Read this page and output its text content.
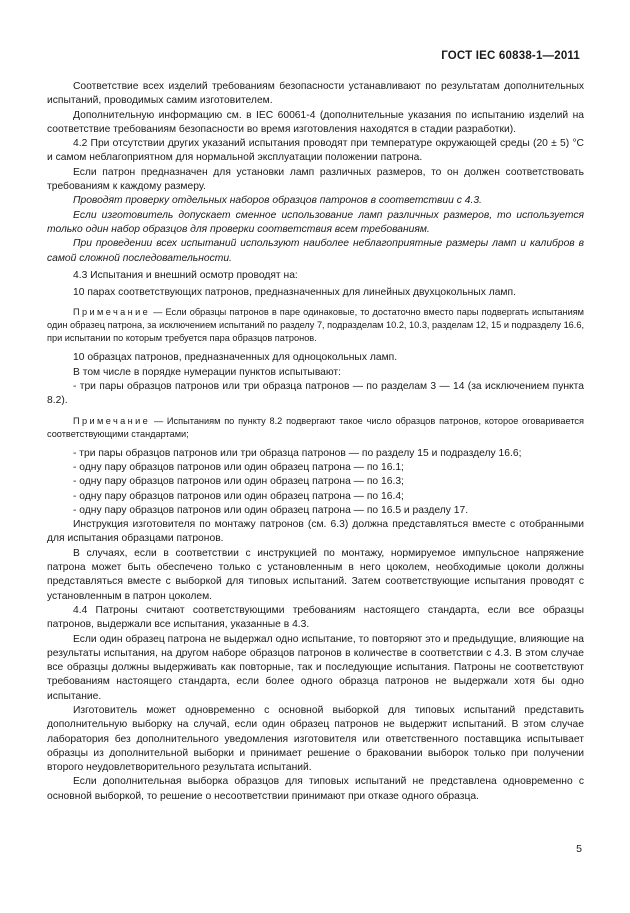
ГОСТ IEC 60838-1—2011

Соответствие всех изделий требованиям безопасности устанавливают по результатам дополнительных испытаний, проводимых самим изготовителем.

Дополнительную информацию см. в IEC 60061-4 (дополнительные указания по испытанию изделий на соответствие требованиям безопасности во время изготовления находятся в стадии разработки).

4.2 При отсутствии других указаний испытания проводят при температуре окружающей среды (20 ± 5) °С и самом неблагоприятном для нормальной эксплуатации положении патрона.

Если патрон предназначен для установки ламп различных размеров, то он должен соответствовать требованиям к каждому размеру.

Проводят проверку отдельных наборов образцов патронов в соответствии с 4.3.

Если изготовитель допускает сменное использование ламп различных размеров, то используется только один набор образцов для проверки соответствия всем требованиям.

При проведении всех испытаний используют наиболее неблагоприятные размеры ламп и калибров в самой сложной последовательности.

4.3 Испытания и внешний осмотр проводят на:

10 парах соответствующих патронов, предназначенных для линейных двухцокольных ламп.

Примечание — Если образцы патронов в паре одинаковые, то достаточно вместо пары подвергать испытаниям один образец патрона, за исключением испытаний по разделу 7, подразделам 10.2, 10.3, разделам 12, 15 и подразделу 16.6, при испытании по которым требуется пара образцов патронов.

10 образцах патронов, предназначенных для одноцокольных ламп.

В том числе в порядке нумерации пунктов испытывают:

- три пары образцов патронов или три образца патронов — по разделам 3 — 14 (за исключением пункта 8.2).

Примечание — Испытаниям по пункту 8.2 подвергают такое число образцов патронов, которое оговаривается соответствующими стандартами;

- три пары образцов патронов или три образца патронов — по разделу 15 и подразделу 16.6;

- одну пару образцов патронов или один образец патрона — по 16.1;

- одну пару образцов патронов или один образец патрона — по 16.3;

- одну пару образцов патронов или один образец патрона — по 16.4;

- одну пару образцов патронов или один образец патрона — по 16.5 и разделу 17.

Инструкция изготовителя по монтажу патронов (см. 6.3) должна представляться вместе с отобранными для испытания образцами патронов.

В случаях, если в соответствии с инструкцией по монтажу, нормируемое импульсное напряжение патрона может быть обеспечено только с установленным в него цоколем, необходимые цоколи должны представляться вместе с выборкой для типовых испытаний. Затем соответствующие испытания проводят с установленным в патрон цоколем.

4.4 Патроны считают соответствующими требованиям настоящего стандарта, если все образцы патронов, выдержали все испытания, указанные в 4.3.

Если один образец патрона не выдержал одно испытание, то повторяют это и предыдущие, влияющие на результаты испытания, на другом наборе образцов патронов в количестве в соответствии с 4.3. В этом случае все образцы должны выдерживать как повторные, так и последующие испытания. Патроны не соответствуют требованиям настоящего стандарта, если более одного образца патронов не выдержали хотя бы одно испытание.

Изготовитель может одновременно с основной выборкой для типовых испытаний представить дополнительную выборку на случай, если один образец патронов не выдержит испытаний. В этом случае лаборатория без дополнительного уведомления изготовителя или ответственного поставщика испытывает образцы из дополнительной выборки и принимает решение о браковании выборок только при получении второго неудовлетворительного результата испытаний.

Если дополнительная выборка образцов для типовых испытаний не представлена одновременно с основной выборкой, то решение о несоответствии принимают при отказе одного образца.

5
